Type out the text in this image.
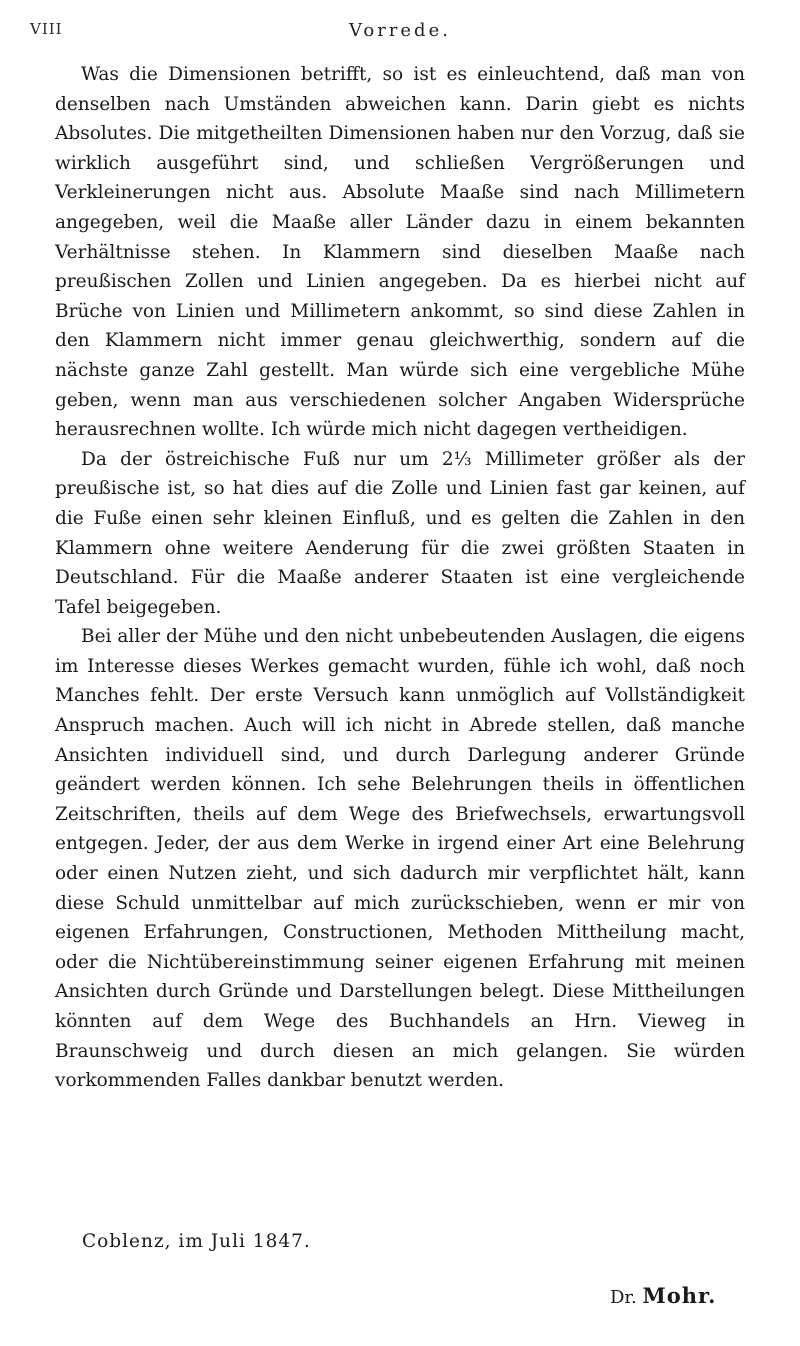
VIII	Vorrede.

Was die Dimensionen betrifft, so ist es einleuchtend, daß man von denselben nach Umständen abweichen kann. Darin giebt es nichts Absolutes. Die mitgetheilten Dimensionen haben nur den Vorzug, daß sie wirklich ausgeführt sind, und schließen Vergrößerungen und Verkleinerungen nicht aus. Absolute Maaße sind nach Millimetern angegeben, weil die Maaße aller Länder dazu in einem bekannten Verhältnisse stehen. In Klammern sind dieselben Maaße nach preußischen Zollen und Linien angegeben. Da es hierbei nicht auf Brüche von Linien und Millimetern ankommt, so sind diese Zahlen in den Klammern nicht immer genau gleichwerthig, sondern auf die nächste ganze Zahl gestellt. Man würde sich eine vergebliche Mühe geben, wenn man aus verschiedenen solcher Angaben Widersprüche herausrechnen wollte. Ich würde mich nicht dagegen vertheidigen.

Da der östreichische Fuß nur um 2⅓ Millimeter größer als der preußische ist, so hat dies auf die Zolle und Linien fast gar keinen, auf die Fuße einen sehr kleinen Einfluß, und es gelten die Zahlen in den Klammern ohne weitere Aenderung für die zwei größten Staaten in Deutschland. Für die Maaße anderer Staaten ist eine vergleichende Tafel beigegeben.

Bei aller der Mühe und den nicht unbebeutenden Auslagen, die eigens im Interesse dieses Werkes gemacht wurden, fühle ich wohl, daß noch Manches fehlt. Der erste Versuch kann unmöglich auf Vollständigkeit Anspruch machen. Auch will ich nicht in Abrede stellen, daß manche Ansichten individuell sind, und durch Darlegung anderer Gründe geändert werden können. Ich sehe Belehrungen theils in öffentlichen Zeitschriften, theils auf dem Wege des Briefwechsels, erwartungsvoll entgegen. Jeder, der aus dem Werke in irgend einer Art eine Belehrung oder einen Nutzen zieht, und sich dadurch mir verpflichtet hält, kann diese Schuld unmittelbar auf mich zurückschieben, wenn er mir von eigenen Erfahrungen, Constructionen, Methoden Mittheilung macht, oder die Nichtübereinstimmung seiner eigenen Erfahrung mit meinen Ansichten durch Gründe und Darstellungen belegt. Diese Mittheilungen könnten auf dem Wege des Buchhandels an Hrn. Vieweg in Braunschweig und durch diesen an mich gelangen. Sie würden vorkommenden Falles dankbar benutzt werden.

Coblenz, im Juli 1847.
Dr. Mohr.
